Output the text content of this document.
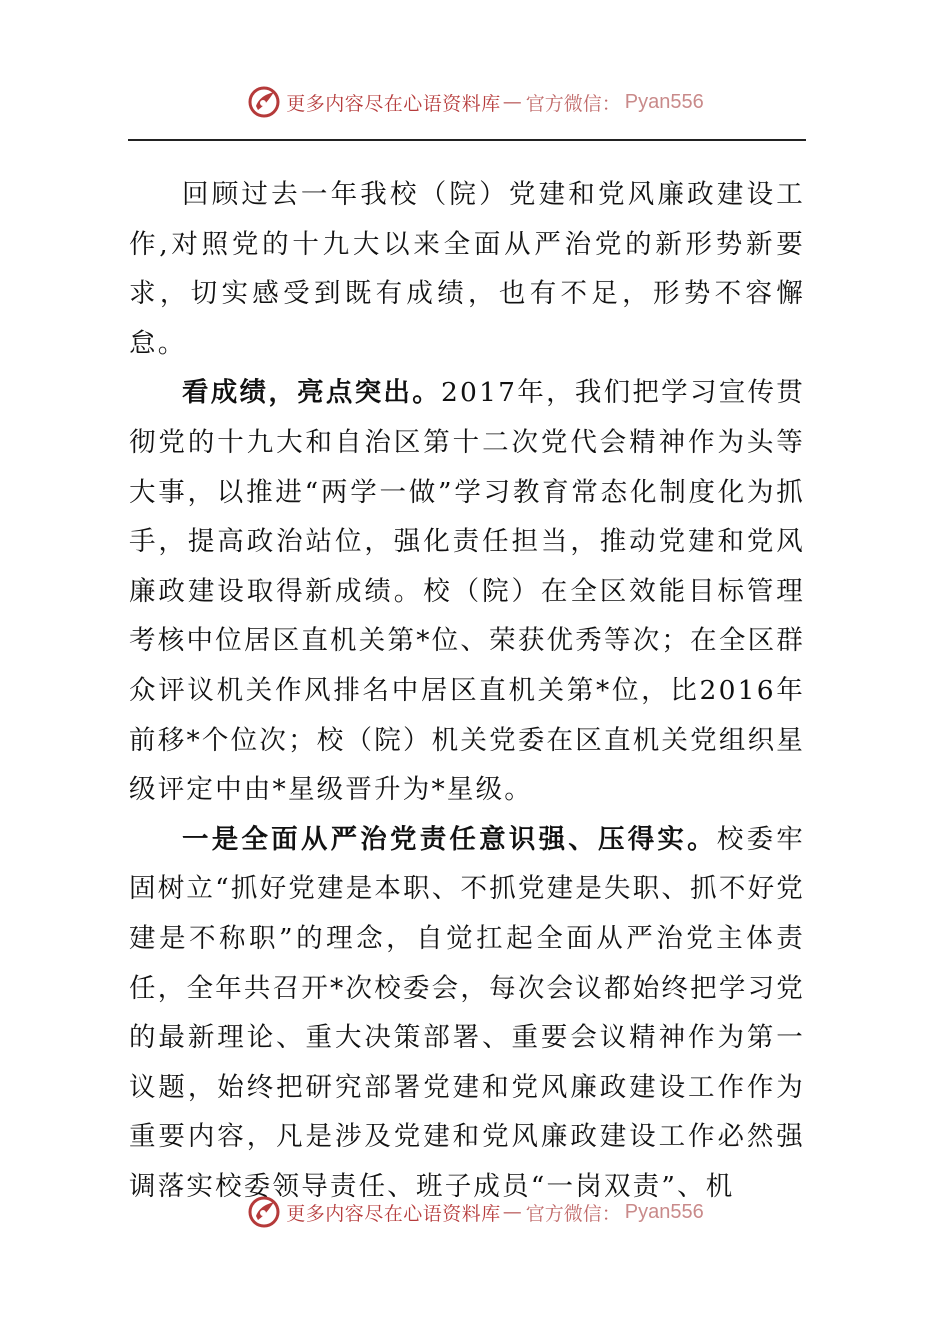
更多内容尽在心语资料库 — 官方微信： Pyan556

回顾过去一年我校（院）党建和党风廉政建设工作,对照党的十九大以来全面从严治党的新形势新要求，切实感受到既有成绩，也有不足，形势不容懈怠。

看成绩，亮点突出。2017年，我们把学习宣传贯彻党的十九大和自治区第十二次党代会精神作为头等大事，以推进“两学一做”学习教育常态化制度化为抓手，提高政治站位，强化责任担当，推动党建和党风廉政建设取得新成绩。校（院）在全区效能目标管理考核中位居区直机关第*位、荣获优秀等次；在全区群众评议机关作风排名中居区直机关第*位，比2016年前移*个位次；校（院）机关党委在区直机关党组织星级评定中由*星级晋升为*星级。

一是全面从严治党责任意识强、压得实。校委牢固树立“抓好党建是本职、不抓党建是失职、抓不好党建是不称职”的理念，自觉扛起全面从严治党主体责任，全年共召开*次校委会，每次会议都始终把学习党的最新理论、重大决策部署、重要会议精神作为第一议题，始终把研究部署党建和党风廉政建设工作作为重要内容，凡是涉及党建和党风廉政建设工作必然强调落实校委领导责任、班子成员“一岗双责”、机

更多内容尽在心语资料库 — 官方微信： Pyan556
